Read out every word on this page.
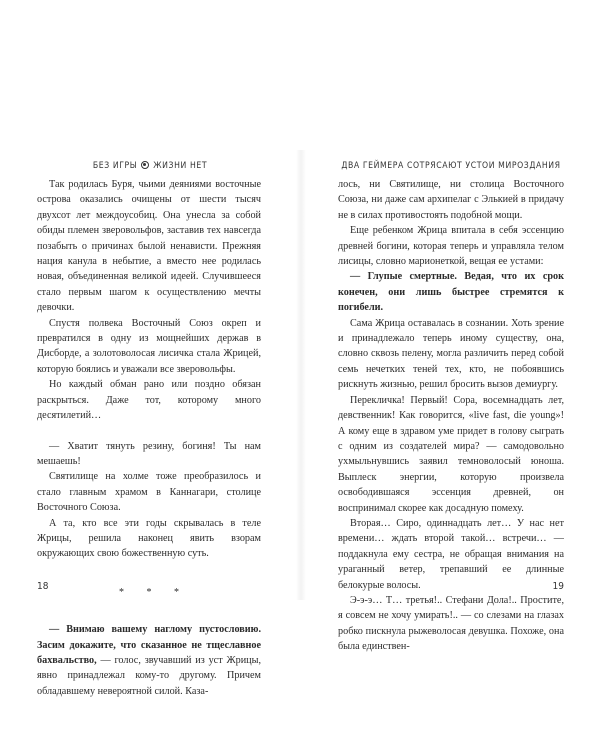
БЕЗ ИГРЫ ЖИЗНИ НЕТ

Так родилась Буря, чьими деяниями восточные острова оказались очищены от шести тысяч двухсот лет междоусобиц. Она унесла за собой обиды племен зверовольфов, заставив тех навсегда позабыть о причинах былой ненависти. Прежняя нация канула в небытие, а вместо нее родилась новая, объединенная великой идеей. Случившееся стало первым шагом к осуществлению мечты девочки.

Спустя полвека Восточный Союз окреп и превратился в одну из мощнейших держав в Дисборде, а золотоволосая лисичка стала Жрицей, которую боялись и уважали все зверовольфы.

Но каждый обман рано или поздно обязан раскрыться. Даже тот, которому много десятилетий…

— Хватит тянуть резину, богиня! Ты нам мешаешь!

Святилище на холме тоже преобразилось и стало главным храмом в Каннагари, столице Восточного Союза.

А та, кто все эти годы скрывалась в теле Жрицы, решила наконец явить взорам окружающих свою божественную суть.

* * *

— Внимаю вашему наглому пустословию. Засим докажите, что сказанное не тщеславное бахвальство, — голос, звучавший из уст Жрицы, явно принадлежал кому-то другому. Причем обладавшему невероятной силой. Каза-

18
ДВА ГЕЙМЕРА СОТРЯСАЮТ УСТОИ МИРОЗДАНИЯ

лось, ни Святилище, ни столица Восточного Союза, ни даже сам архипелаг с Элькией в придачу не в силах противостоять подобной мощи.

Еще ребенком Жрица впитала в себя эссенцию древней богини, которая теперь и управляла телом лисицы, словно марионеткой, вещая ее устами:

— Глупые смертные. Ведая, что их срок конечен, они лишь быстрее стремятся к погибели.

Сама Жрица оставалась в сознании. Хоть зрение и принадлежало теперь иному существу, она, словно сквозь пелену, могла различить перед собой семь нечетких теней тех, кто, не побоявшись рискнуть жизнью, решил бросить вызов демиургу.

Перекличка! Первый! Сора, восемнадцать лет, девственник! Как говорится, «live fast, die young»! А кому еще в здравом уме придет в голову сыграть с одним из создателей мира? — самодовольно ухмыльнувшись заявил темноволосый юноша. Выплеск энергии, которую произвела освободившаяся эссенция древней, он воспринимал скорее как досадную помеху.

Вторая… Сиро, одиннадцать лет… У нас нет времени… ждать второй такой… встречи… — поддакнула ему сестра, не обращая внимания на ураганный ветер, трепавший ее длинные белокурые волосы.

Э-э-э… Т… третья!.. Стефани Дола!.. Простите, я совсем не хочу умирать!.. — со слезами на глазах робко пискнула рыжеволосая девушка. Похоже, она была единствен-

19
